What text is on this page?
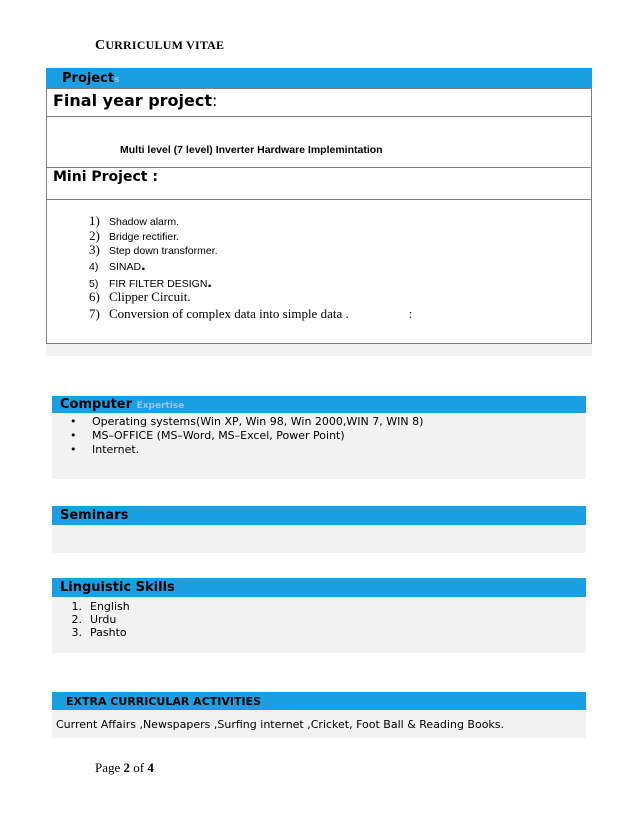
CURRICULUM VITAE
Projects
Final year project:
Multi level (7 level) Inverter Hardware Implemintation
Mini Project :
1) Shadow alarm.
2) Bridge rectifier.
3) Step down transformer.
4) SINAD.
5) FIR FILTER DESIGN.
6) Clipper Circuit.
7) Conversion of complex data into simple data .	:
Computer Expertise
• Operating systems(Win XP, Win 98, Win 2000,WIN 7, WIN 8)
• MS–OFFICE (MS–Word, MS–Excel, Power Point)
• Internet.
Seminars
Linguistic Skills
1. English
2. Urdu
3. Pashto
EXTRA CURRICULAR ACTIVITIES
Current Affairs ,Newspapers ,Surfing internet ,Cricket, Foot Ball & Reading Books.
Page 2 of 4
